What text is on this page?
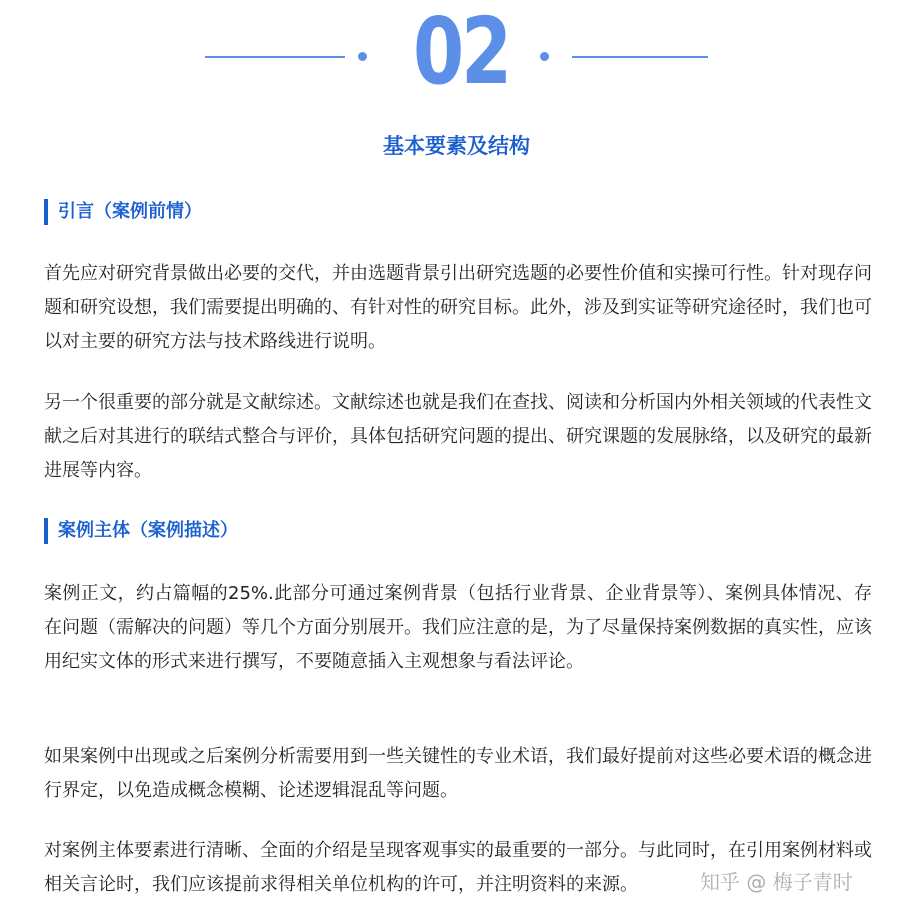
02
基本要素及结构
引言（案例前情）

首先应对研究背景做出必要的交代，并由选题背景引出研究选题的必要性价值和实操可行性。针对现存问题和研究设想，我们需要提出明确的、有针对性的研究目标。此外，涉及到实证等研究途径时，我们也可以对主要的研究方法与技术路线进行说明。

另一个很重要的部分就是文献综述。文献综述也就是我们在查找、阅读和分析国内外相关领域的代表性文献之后对其进行的联结式整合与评价，具体包括研究问题的提出、研究课题的发展脉络，以及研究的最新进展等内容。

案例主体（案例描述）

案例正文，约占篇幅的25%.此部分可通过案例背景（包括行业背景、企业背景等）、案例具体情况、存在问题（需解决的问题）等几个方面分别展开。我们应注意的是，为了尽量保持案例数据的真实性，应该用纪实文体的形式来进行撰写，不要随意插入主观想象与看法评论。

如果案例中出现或之后案例分析需要用到一些关键性的专业术语，我们最好提前对这些必要术语的概念进行界定，以免造成概念模糊、论述逻辑混乱等问题。

对案例主体要素进行清晰、全面的介绍是呈现客观事实的最重要的一部分。与此同时，在引用案例材料或相关言论时，我们应该提前求得相关单位机构的许可，并注明资料的来源。	知乎 @ 梅子青时
